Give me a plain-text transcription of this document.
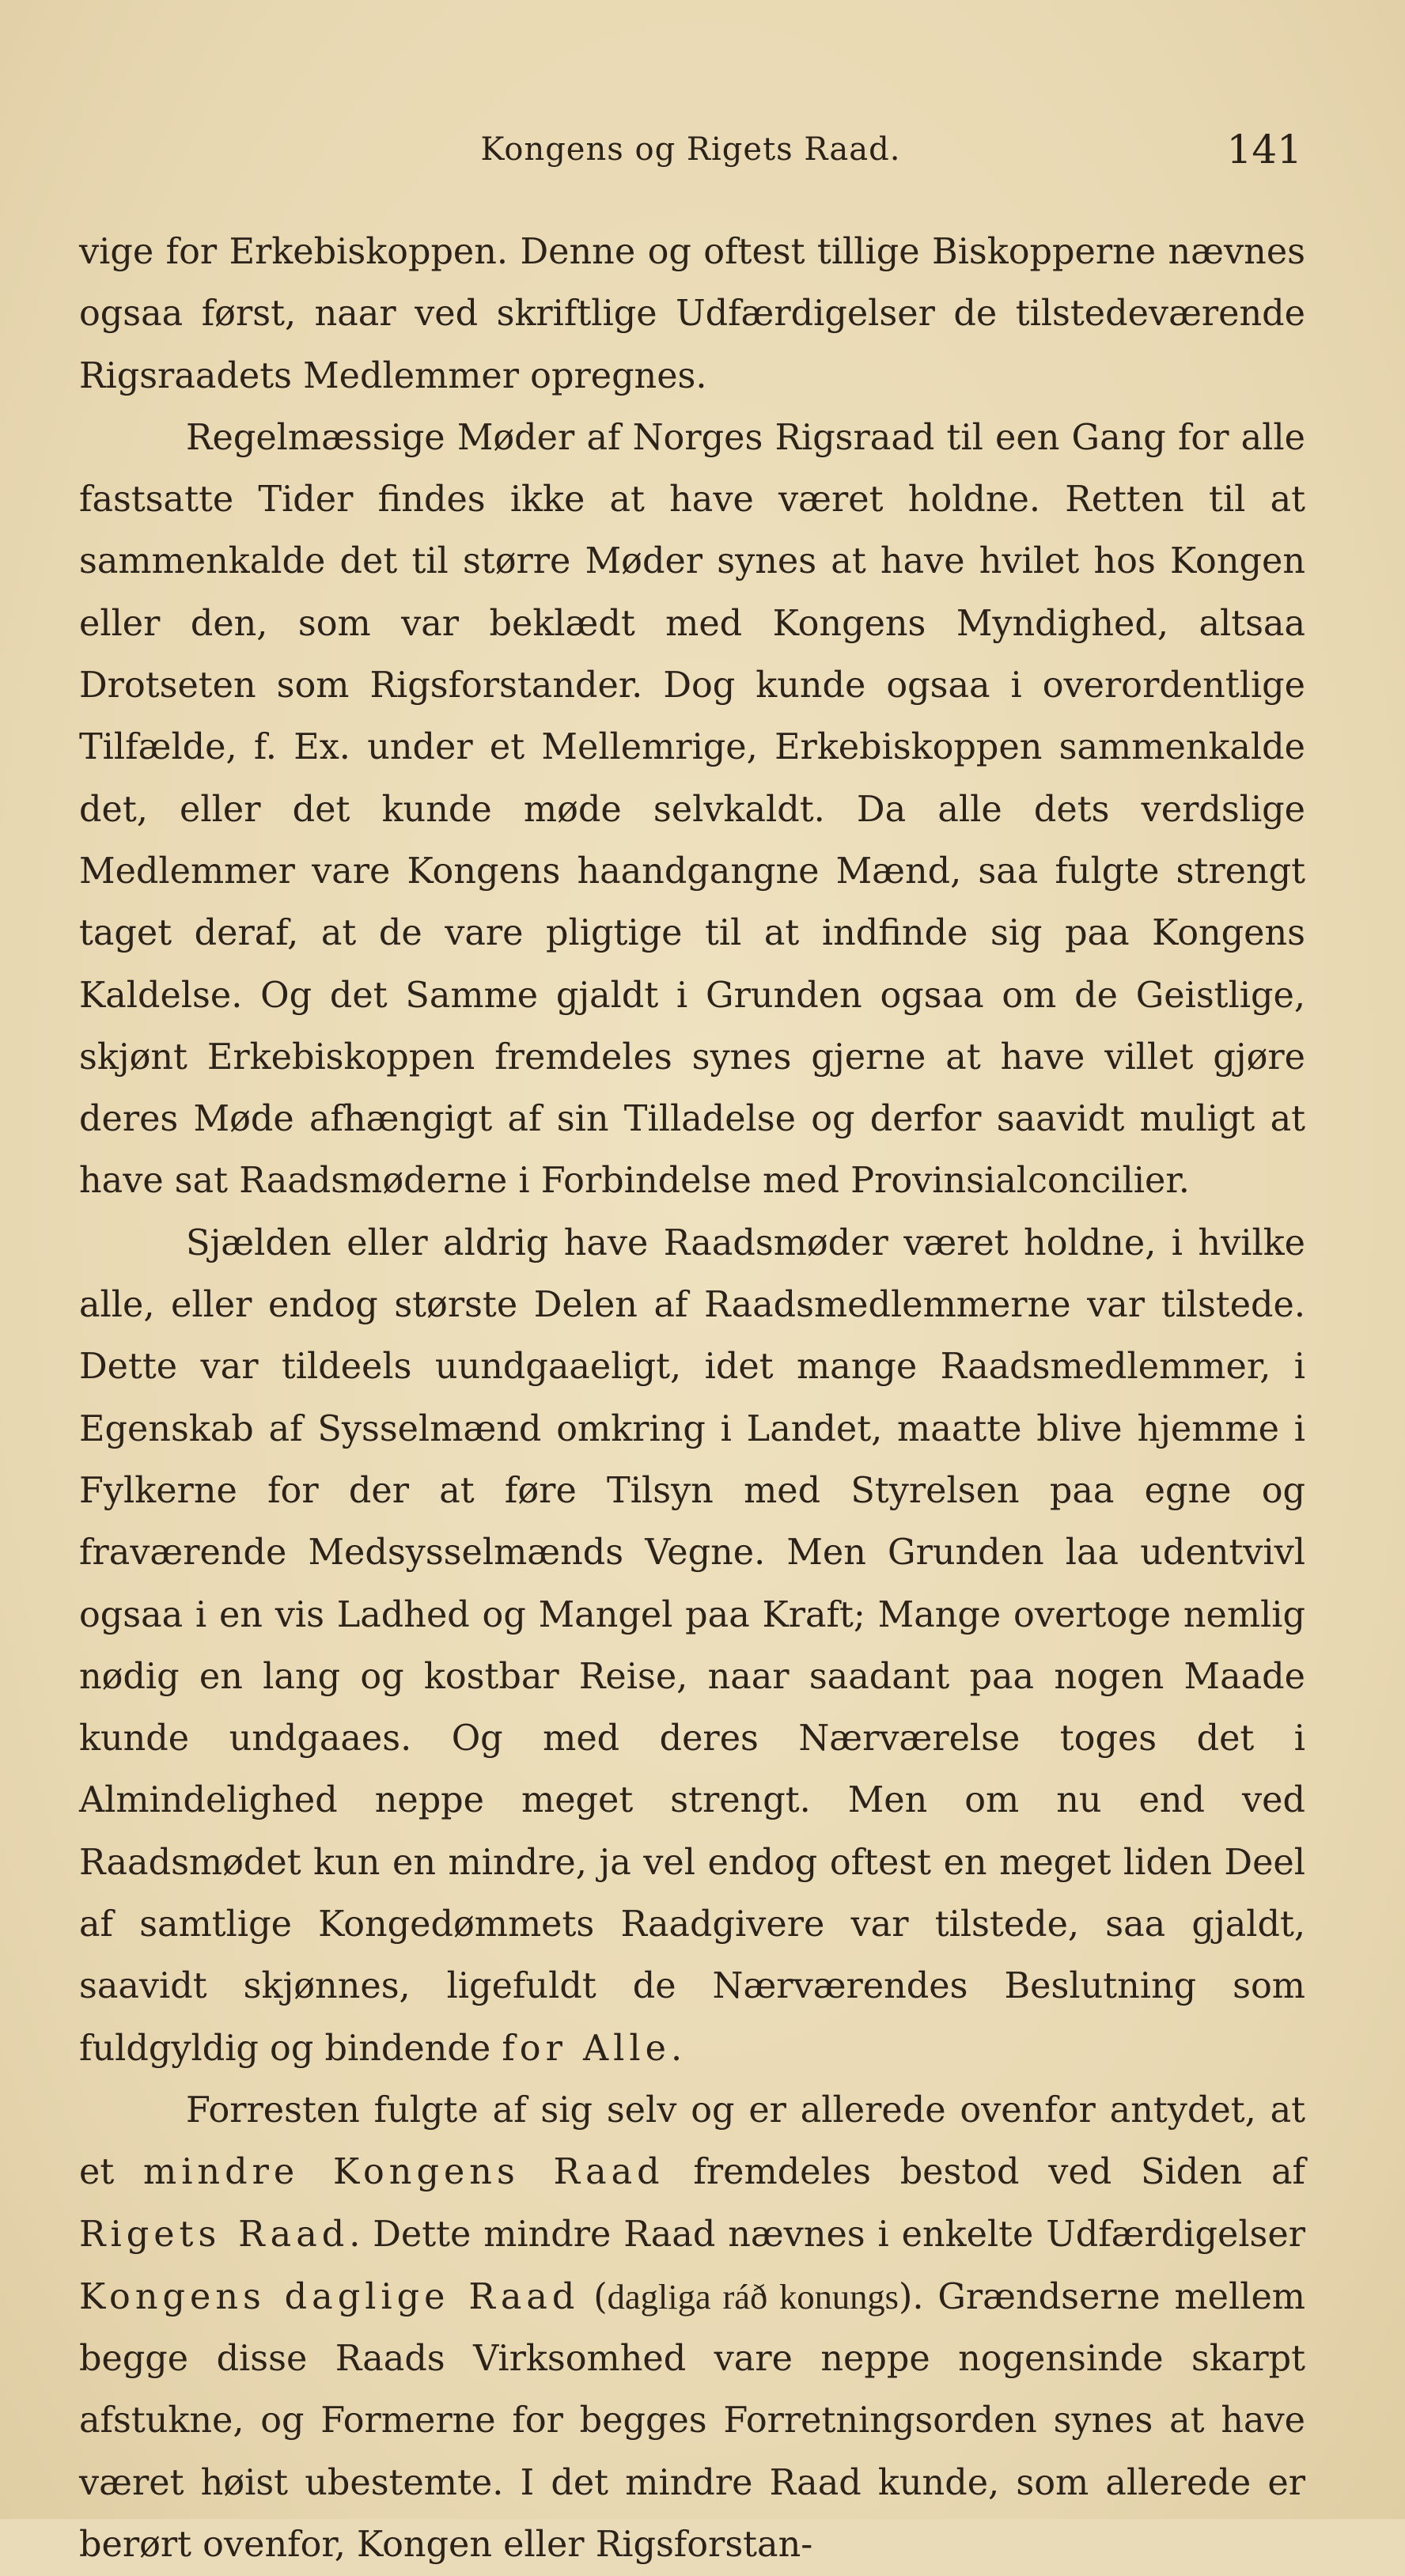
Kongens og Rigets Raad.	141

vige for Erkebiskoppen. Denne og oftest tillige Biskopperne nævnes ogsaa først, naar ved skriftlige Udfærdigelser de tilstedeværende Rigsraadets Medlemmer opregnes.

Regelmæssige Møder af Norges Rigsraad til een Gang for alle fastsatte Tider findes ikke at have været holdne. Retten til at sammenkalde det til større Møder synes at have hvilet hos Kongen eller den, som var beklædt med Kongens Myndighed, altsaa Drotseten som Rigsforstander. Dog kunde ogsaa i overordentlige Tilfælde, f. Ex. under et Mellemrige, Erkebiskoppen sammenkalde det, eller det kunde møde selvkaldt. Da alle dets verdslige Medlemmer vare Kongens haandgangne Mænd, saa fulgte strengt taget deraf, at de vare pligtige til at indfinde sig paa Kongens Kaldelse. Og det Samme gjaldt i Grunden ogsaa om de Geistlige, skjønt Erkebiskoppen fremdeles synes gjerne at have villet gjøre deres Møde afhængigt af sin Tilladelse og derfor saavidt muligt at have sat Raadsmøderne i Forbindelse med Provinsialconcilier.

Sjælden eller aldrig have Raadsmøder været holdne, i hvilke alle, eller endog største Delen af Raadsmedlemmerne var tilstede. Dette var tildeels uundgaaeligt, idet mange Raadsmedlemmer, i Egenskab af Sysselmænd omkring i Landet, maatte blive hjemme i Fylkerne for der at føre Tilsyn med Styrelsen paa egne og fraværende Medsysselmænds Vegne. Men Grunden laa udentvivl ogsaa i en vis Ladhed og Mangel paa Kraft; Mange overtoge nemlig nødig en lang og kostbar Reise, naar saadant paa nogen Maade kunde undgaaes. Og med deres Nærværelse toges det i Almindelighed neppe meget strengt. Men om nu end ved Raadsmødet kun en mindre, ja vel endog oftest en meget liden Deel af samtlige Kongedømmets Raadgivere var tilstede, saa gjaldt, saavidt skjønnes, ligefuldt de Nærværendes Beslutning som fuldgyldig og bindende for Alle.

Forresten fulgte af sig selv og er allerede ovenfor antydet, at et mindre Kongens Raad fremdeles bestod ved Siden af Rigets Raad. Dette mindre Raad nævnes i enkelte Udfærdigelser Kongens daglige Raad (dagliga ráð konungs). Grændserne mellem begge disse Raads Virksomhed vare neppe nogensinde skarpt afstukne, og Formerne for begges Forretningsorden synes at have været høist ubestemte. I det mindre Raad kunde, som allerede er berørt ovenfor, Kongen eller Rigsforstan-
